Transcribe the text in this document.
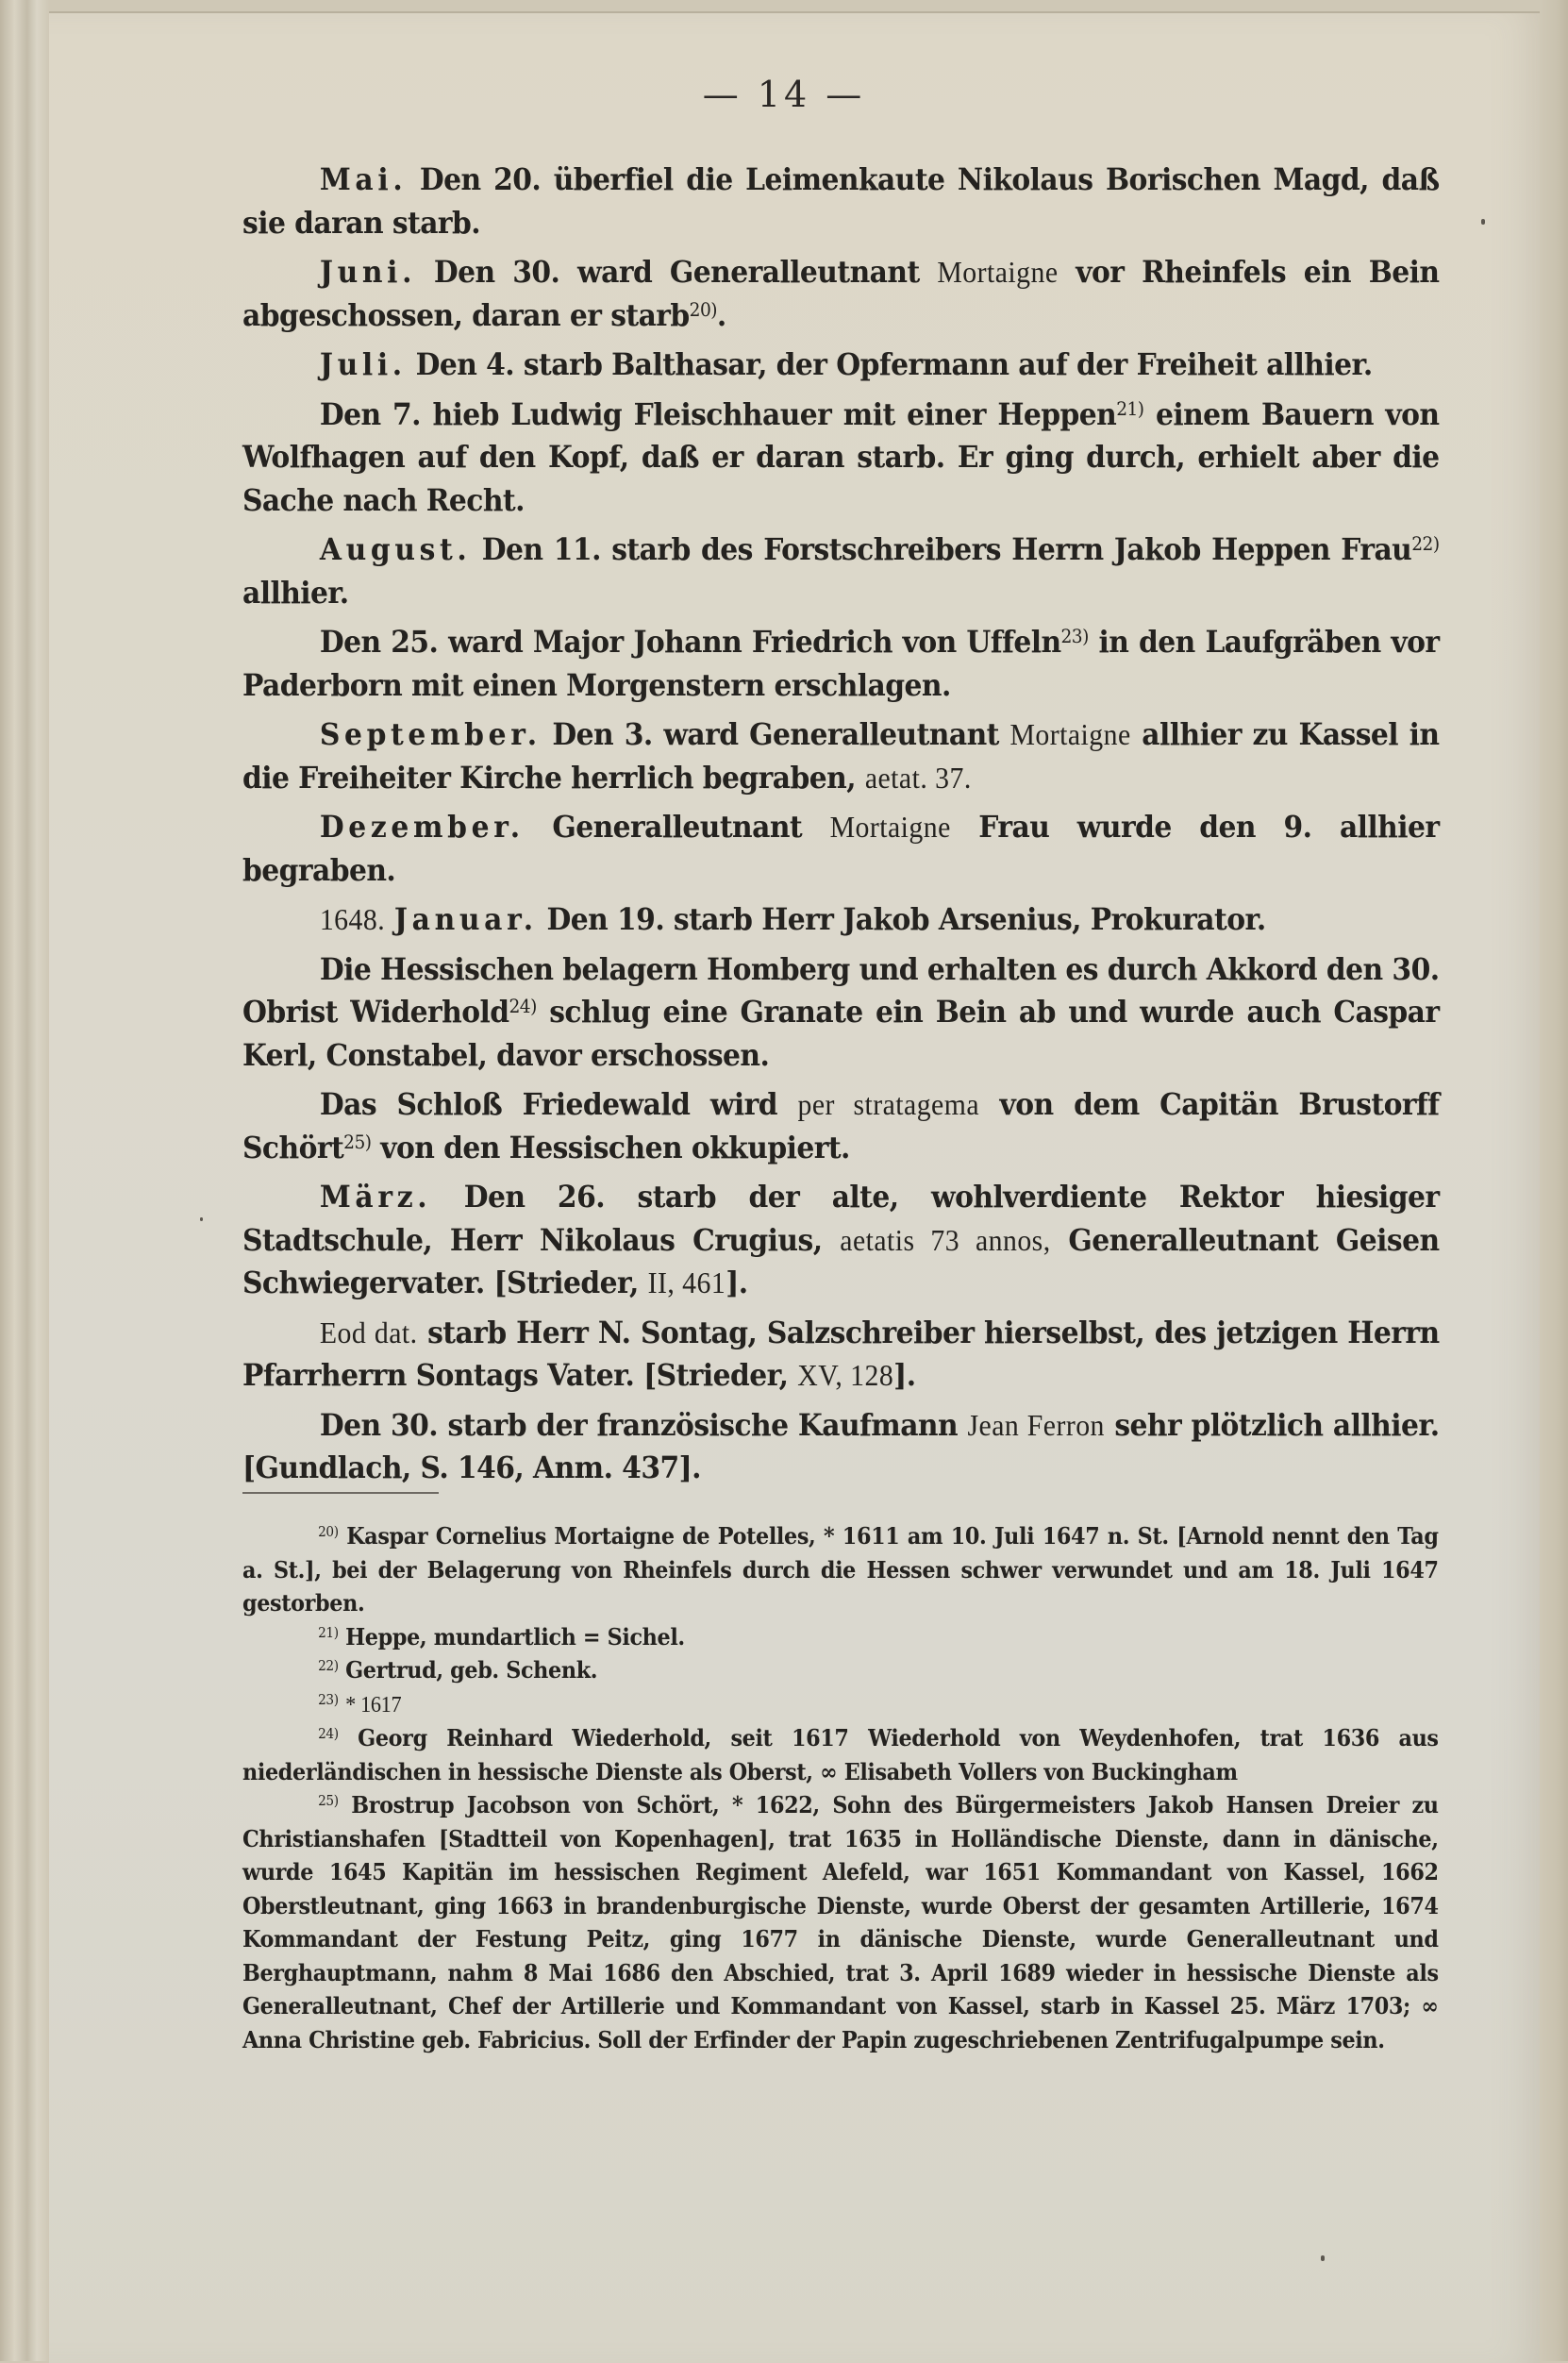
— 14 —

Mai. Den 20. überfiel die Leimenkaute Nikolaus Borischen Magd, daß sie daran starb.

Juni. Den 30. ward Generalleutnant Mortaigne vor Rheinfels ein Bein abgeschossen, daran er starb$^{20)}$.

Juli. Den 4. starb Balthasar, der Opfermann auf der Freiheit allhier.

Den 7. hieb Ludwig Fleischhauer mit einer Heppen$^{21)}$ einem Bauern von Wolfhagen auf den Kopf, daß er daran starb. Er ging durch, erhielt aber die Sache nach Recht.

August. Den 11. starb des Forstschreibers Herrn Jakob Heppen Frau$^{22)}$ allhier.

Den 25. ward Major Johann Friedrich von Uffeln$^{23)}$ in den Laufgräben vor Paderborn mit einen Morgenstern erschlagen.

September. Den 3. ward Generalleutnant Mortaigne allhier zu Kassel in die Freiheiter Kirche herrlich begraben, aetat. 37.

Dezember. Generalleutnant Mortaigne Frau wurde den 9. allhier begraben.

1648. Januar. Den 19. starb Herr Jakob Arsenius, Prokurator.

Die Hessischen belagern Homberg und erhalten es durch Akkord den 30. Obrist Widerhold$^{24)}$ schlug eine Granate ein Bein ab und wurde auch Caspar Kerl, Constabel, davor erschossen.

Das Schloß Friedewald wird per stratagema von dem Capitän Brustorff Schört$^{25)}$ von den Hessischen okkupiert.

März. Den 26. starb der alte, wohlverdiente Rektor hiesiger Stadtschule, Herr Nikolaus Crugius, aetatis 73 annos, Generalleutnant Geisen Schwiegervater. [Strieder, II, 461].

Eod dat. starb Herr N. Sontag, Salzschreiber hierselbst, des jetzigen Herrn Pfarrherrn Sontags Vater. [Strieder, XV, 128].

Den 30. starb der französische Kaufmann Jean Ferron sehr plötzlich allhier. [Gundlach, S. 146, Anm. 437].

$^{20)}$ Kaspar Cornelius Mortaigne de Potelles, * 1611 am 10. Juli 1647 n. St. [Arnold nennt den Tag a. St.], bei der Belagerung von Rheinfels durch die Hessen schwer verwundet und am 18. Juli 1647 gestorben.

$^{21)}$ Heppe, mundartlich = Sichel.

$^{22)}$ Gertrud, geb. Schenk.

$^{23)}$ * 1617

$^{24)}$ Georg Reinhard Wiederhold, seit 1617 Wiederhold von Weydenhofen, trat 1636 aus niederländischen in hessische Dienste als Oberst, ∞ Elisabeth Vollers von Buckingham

$^{25)}$ Brostrup Jacobson von Schört, * 1622, Sohn des Bürgermeisters Jakob Hansen Dreier zu Christianshafen [Stadtteil von Kopenhagen], trat 1635 in Holländische Dienste, dann in dänische, wurde 1645 Kapitän im hessischen Regiment Alefeld, war 1651 Kommandant von Kassel, 1662 Oberstleutnant, ging 1663 in brandenburgische Dienste, wurde Oberst der gesamten Artillerie, 1674 Kommandant der Festung Peitz, ging 1677 in dänische Dienste, wurde Generalleutnant und Berghauptmann, nahm 8 Mai 1686 den Abschied, trat 3. April 1689 wieder in hessische Dienste als Generalleutnant, Chef der Artillerie und Kommandant von Kassel, starb in Kassel 25. März 1703; ∞ Anna Christine geb. Fabricius. Soll der Erfinder der Papin zugeschriebenen Zentrifugalpumpe sein.
